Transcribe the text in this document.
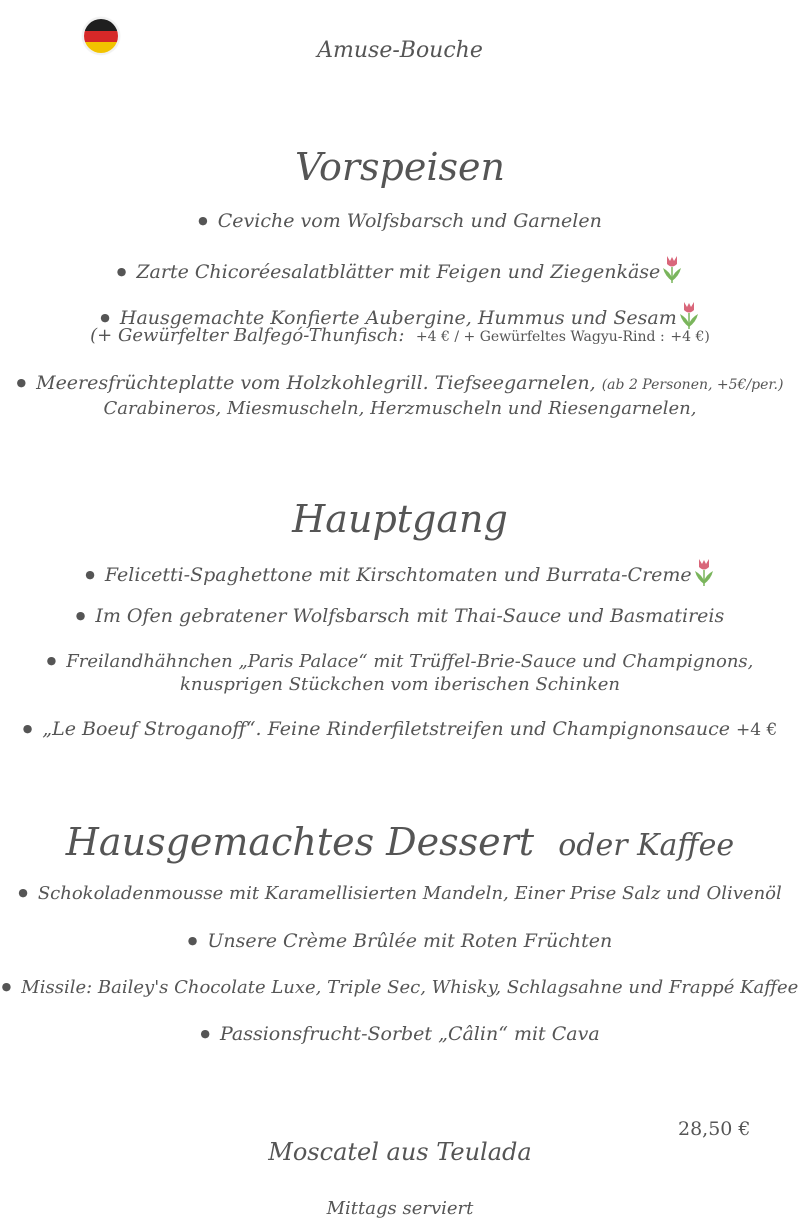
Amuse-Bouche
Vorspeisen
● Ceviche vom Wolfsbarsch und Garnelen
● Zarte Chicoréesalatblätter mit Feigen und Ziegenkäse
● Hausgemachte Konfierte Aubergine, Hummus und Sesam
(+ Gewürfelter Balfegó-Thunfisch: +4 € / + Gewürfeltes Wagyu-Rind : +4 €)
● Meeresfrüchteplatte vom Holzkohlegrill. Tiefseegarnelen, (ab 2 Personen, +5€/per.)
Carabineros, Miesmuscheln, Herzmuscheln und Riesengarnelen,
Hauptgang
● Felicetti-Spaghettone mit Kirschtomaten und Burrata-Creme
● Im Ofen gebratener Wolfsbarsch mit Thai-Sauce und Basmatireis
● Freilandhähnchen „Paris Palace“ mit Trüffel-Brie-Sauce und Champignons,
knusprigen Stückchen vom iberischen Schinken
● „Le Boeuf Stroganoff“. Feine Rinderfiletstreifen und Champignonsauce +4 €
Hausgemachtes Dessert oder Kaffee
● Schokoladenmousse mit Karamellisierten Mandeln, Einer Prise Salz und Olivenöl
● Unsere Crème Brûlée mit Roten Früchten
● Missile: Bailey's Chocolate Luxe, Triple Sec, Whisky, Schlagsahne und Frappé Kaffee
● Passionsfrucht-Sorbet „Câlin“ mit Cava
28,50 €
Moscatel aus Teulada
Mittags serviert
